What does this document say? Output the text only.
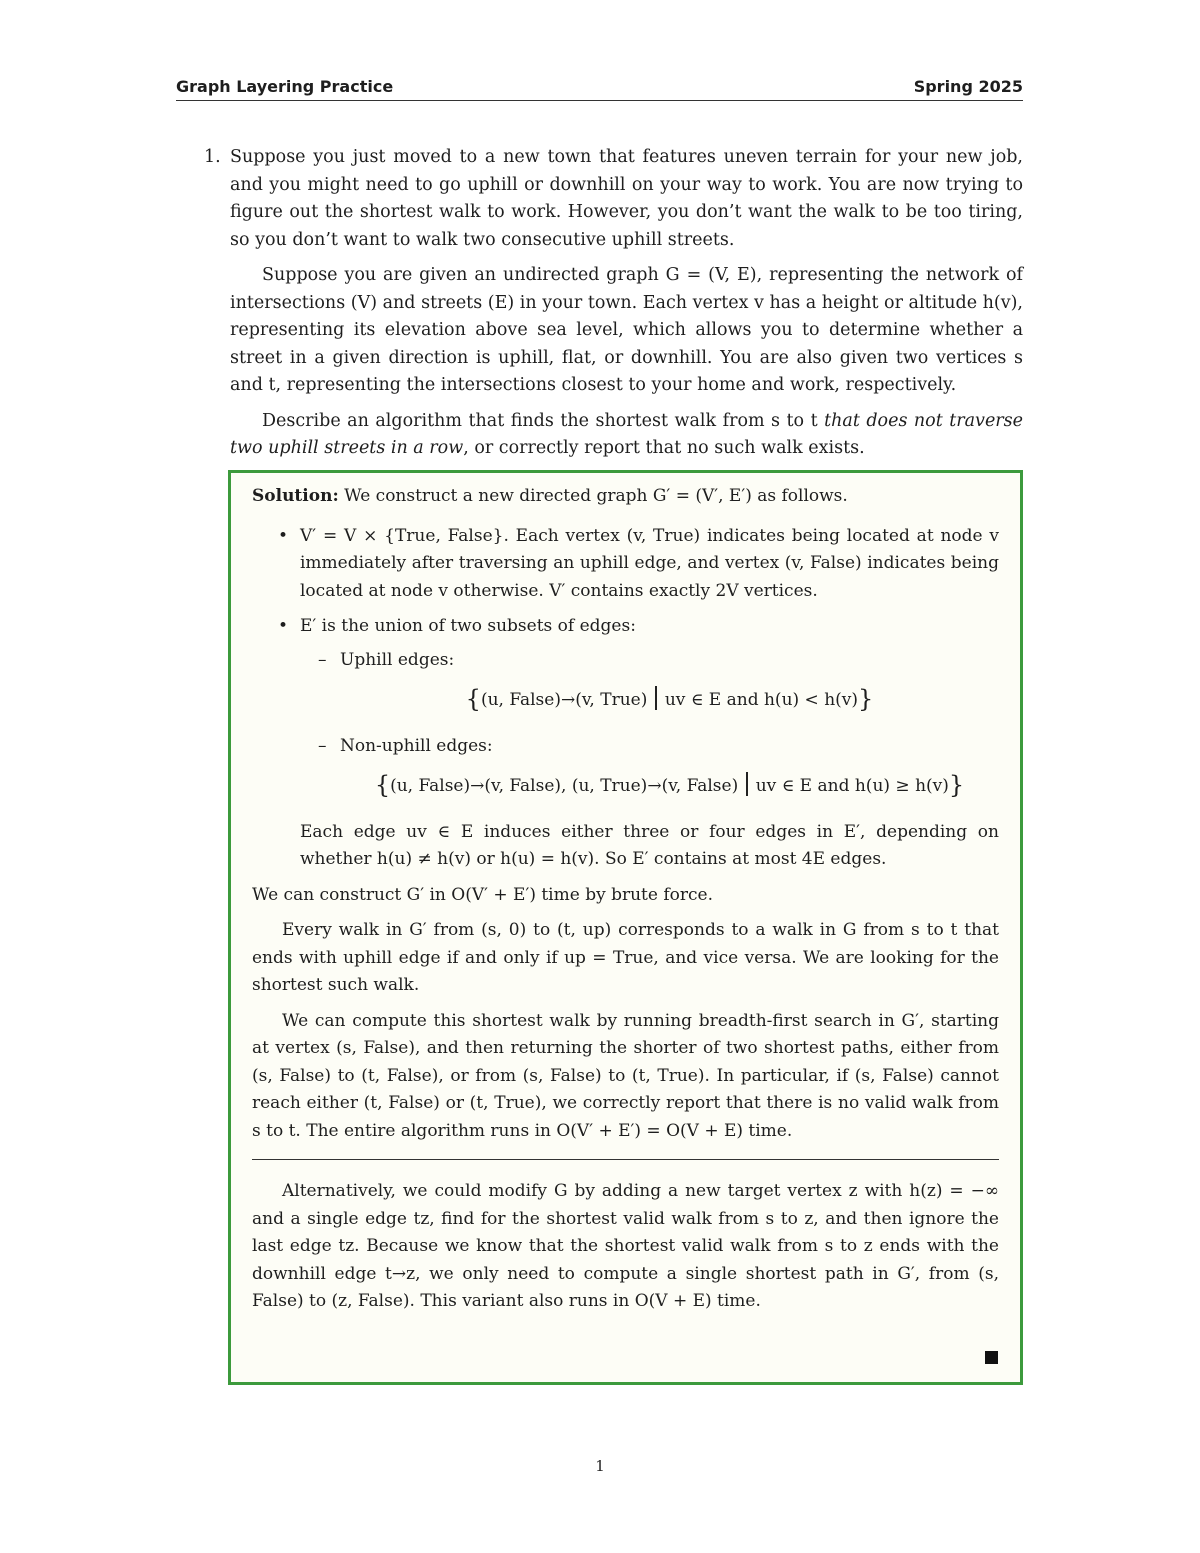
Graph Layering Practice	Spring 2025
1. Suppose you just moved to a new town that features uneven terrain for your new job, and you might need to go uphill or downhill on your way to work. You are now trying to figure out the shortest walk to work. However, you don’t want the walk to be too tiring, so you don’t want to walk two consecutive uphill streets.

Suppose you are given an undirected graph G = (V, E), representing the network of intersections (V) and streets (E) in your town. Each vertex v has a height or altitude h(v), representing its elevation above sea level, which allows you to determine whether a street in a given direction is uphill, flat, or downhill. You are also given two vertices s and t, representing the intersections closest to your home and work, respectively.

Describe an algorithm that finds the shortest walk from s to t that does not traverse two uphill streets in a row, or correctly report that no such walk exists.

Solution: We construct a new directed graph G′ = (V′, E′) as follows.

• V′ = V × {True, False}. Each vertex (v, True) indicates being located at node v immediately after traversing an uphill edge, and vertex (v, False) indicates being located at node v otherwise. V′ contains exactly 2V vertices.
• E′ is the union of two subsets of edges:
– Uphill edges:
{(u, False)→(v, True) uv ∈ E and h(u) < h(v)}
– Non-uphill edges:
{(u, False)→(v, False), (u, True)→(v, False) uv ∈ E and h(u) ≥ h(v)}

Each edge uv ∈ E induces either three or four edges in E′, depending on whether h(u) ≠ h(v) or h(u) = h(v). So E′ contains at most 4E edges.

We can construct G′ in O(V′ + E′) time by brute force.

Every walk in G′ from (s, 0) to (t, up) corresponds to a walk in G from s to t that ends with uphill edge if and only if up = True, and vice versa. We are looking for the shortest such walk.

We can compute this shortest walk by running breadth-first search in G′, starting at vertex (s, False), and then returning the shorter of two shortest paths, either from (s, False) to (t, False), or from (s, False) to (t, True). In particular, if (s, False) cannot reach either (t, False) or (t, True), we correctly report that there is no valid walk from s to t. The entire algorithm runs in O(V′ + E′) = O(V + E) time.

Alternatively, we could modify G by adding a new target vertex z with h(z) = −∞ and a single edge tz, find for the shortest valid walk from s to z, and then ignore the last edge tz. Because we know that the shortest valid walk from s to z ends with the downhill edge t→z, we only need to compute a single shortest path in G′, from (s, False) to (z, False). This variant also runs in O(V + E) time.

1
